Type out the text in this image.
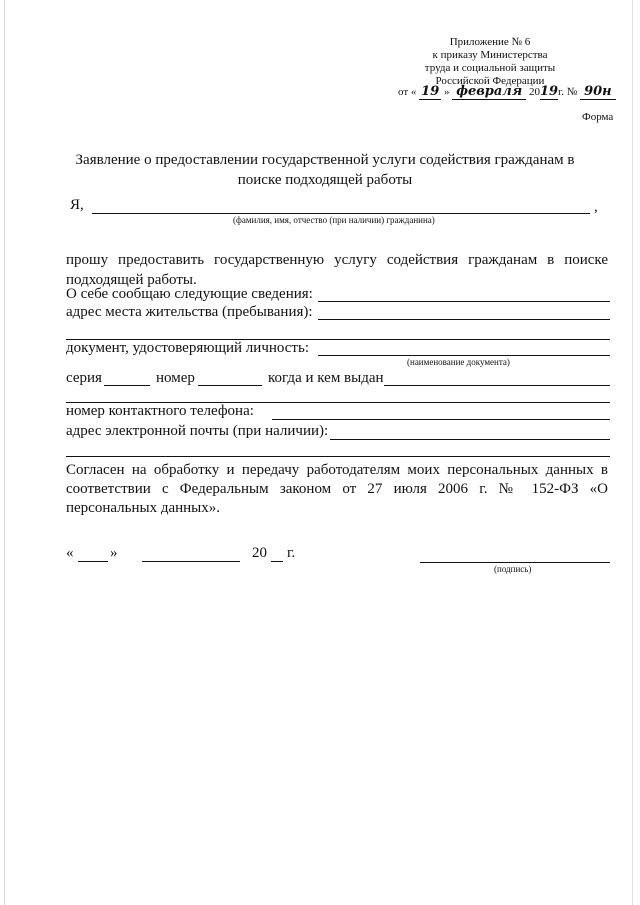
Приложение № 6
к приказу Министерства
труда и социальной защиты
Российской Федерации
от « 19 » февраля 2019г. № 90н
Форма
Заявление о предоставлении государственной услуги содействия гражданам в
поиске подходящей работы
Я,	,
(фамилия, имя, отчество (при наличии) гражданина)
прошу предоставить государственную услугу содействия гражданам в поиске
подходящей работы.
О себе сообщаю следующие сведения:
адрес места жительства (пребывания):
документ, удостоверяющий личность:
(наименование документа)
серия	номер	когда и кем выдан
номер контактного телефона:
адрес электронной почты (при наличии):
Согласен на обработку и передачу работодателям моих персональных данных в
соответствии с Федеральным законом от 27 июля 2006 г. № 152-ФЗ «О
персональных данных».
« »	20 г.
(подпись)
